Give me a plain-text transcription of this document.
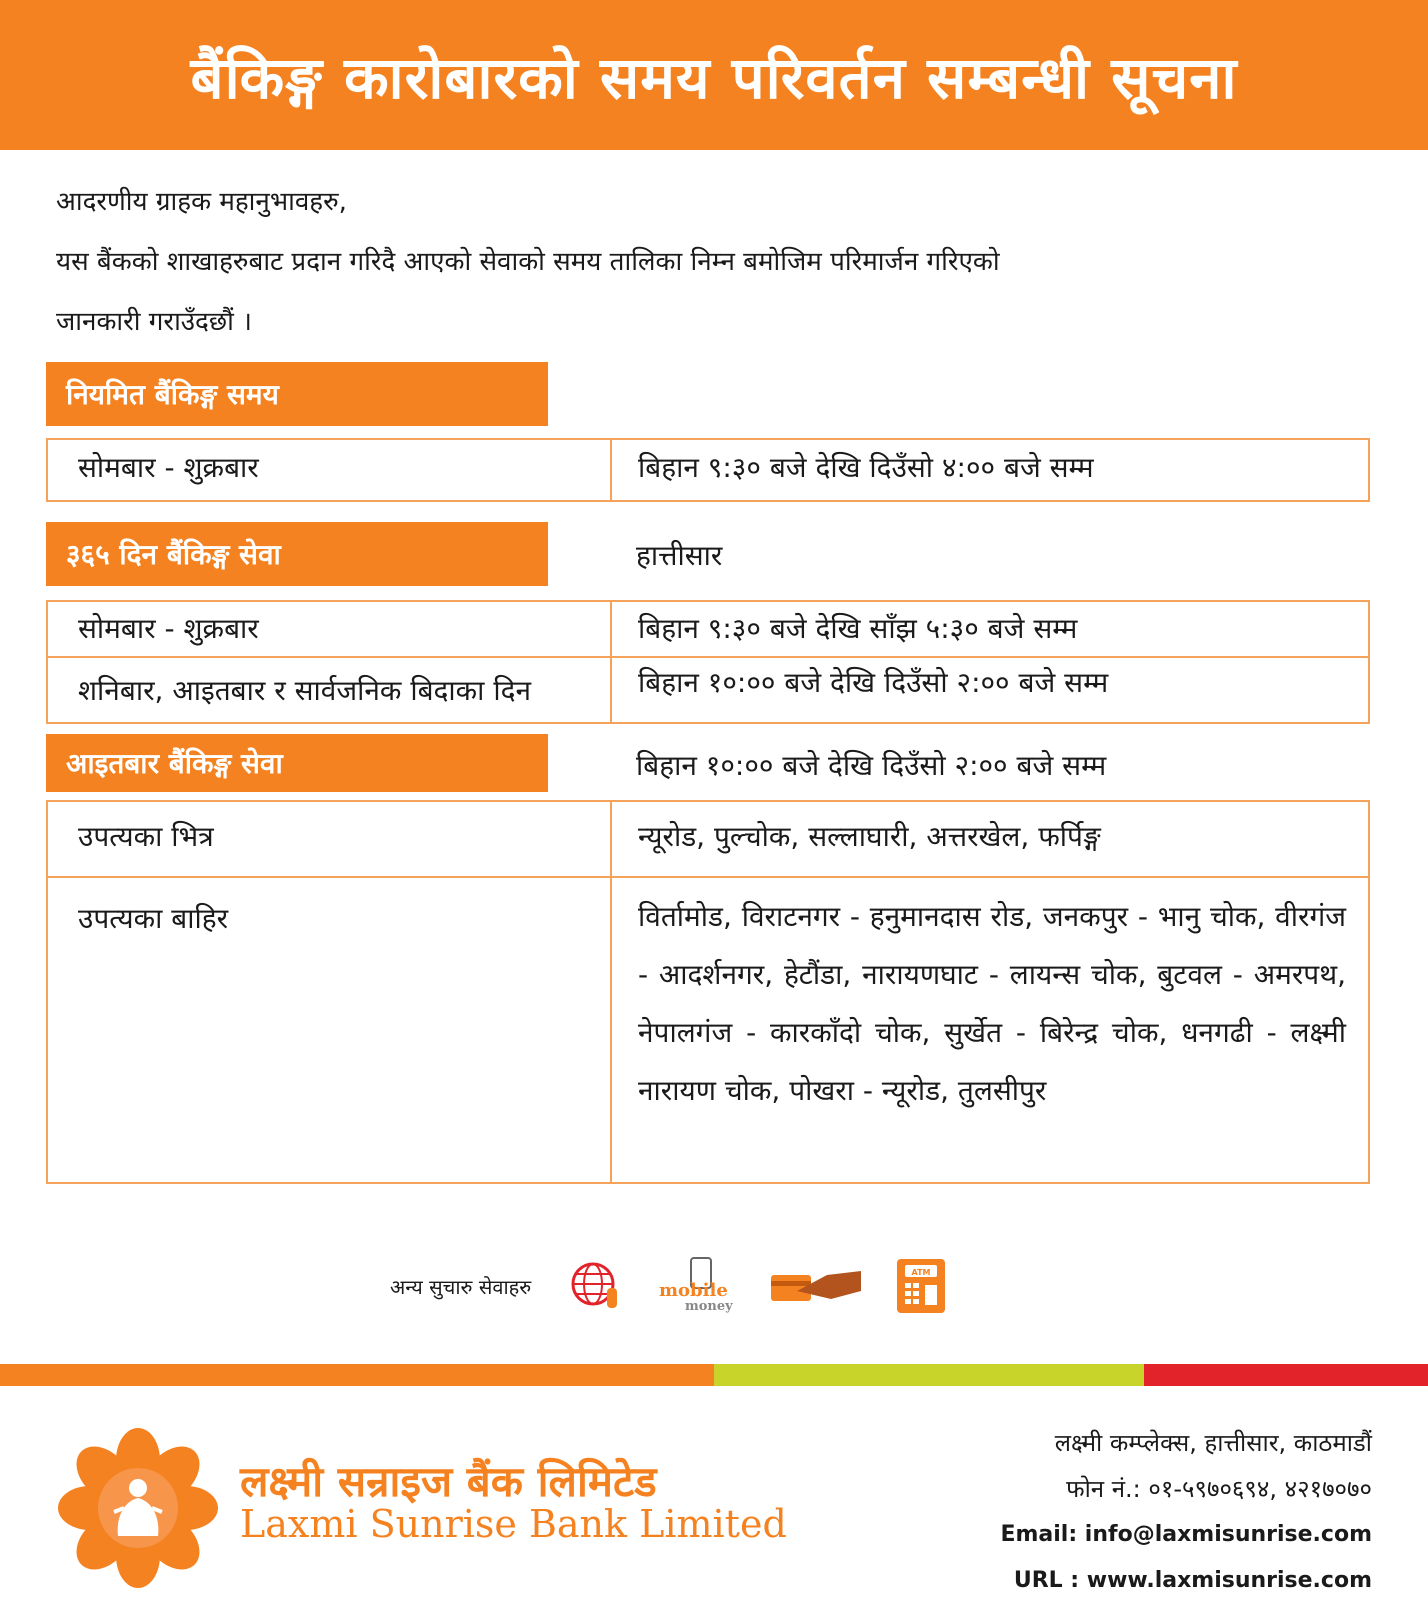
बैंकिङ्ग कारोबारको समय परिवर्तन सम्बन्धी सूचना

आदरणीय ग्राहक महानुभावहरु,

यस बैंकको शाखाहरुबाट प्रदान गरिदै आएको सेवाको समय तालिका निम्न बमोजिम परिमार्जन गरिएको

जानकारी गराउँदछौं ।

नियमित बैंकिङ्ग समय
सोमबार - शुक्रबार	बिहान ९:३० बजे देखि दिउँसो ४:०० बजे सम्म
३६५ दिन बैंकिङ्ग सेवा	हात्तीसार
सोमबार - शुक्रबार	बिहान ९:३० बजे देखि साँझ ५:३० बजे सम्म
शनिबार, आइतबार र सार्वजनिक बिदाका दिन	बिहान १०:०० बजे देखि दिउँसो २:०० बजे सम्म
आइतबार बैंकिङ्ग सेवा	बिहान १०:०० बजे देखि दिउँसो २:०० बजे सम्म
उपत्यका भित्र	न्यूरोड, पुल्चोक, सल्लाघारी, अत्तरखेल, फर्पिङ्ग
उपत्यका बाहिर	विर्तामोड, विराटनगर - हनुमानदास रोड, जनकपुर - भानु चोक, वीरगंज - आदर्शनगर, हेटौंडा, नारायणघाट - लायन्स चोक, बुटवल - अमरपथ, नेपालगंज - कारकाँदो चोक, सुर्खेत - बिरेन्द्र चोक, धनगढी - लक्ष्मी नारायण चोक, पोखरा - न्यूरोड, तुलसीपुर
अन्य सुचारु सेवाहरु	mobile
money
ATM
लक्ष्मी सन्राइज बैंक लिमिटेड
Laxmi Sunrise Bank Limited
लक्ष्मी कम्प्लेक्स, हात्तीसार, काठमाडौं
फोन नं.: ०१-५९७०६९४, ४२१७०७०
Email: info@laxmisunrise.com
URL : www.laxmisunrise.com
